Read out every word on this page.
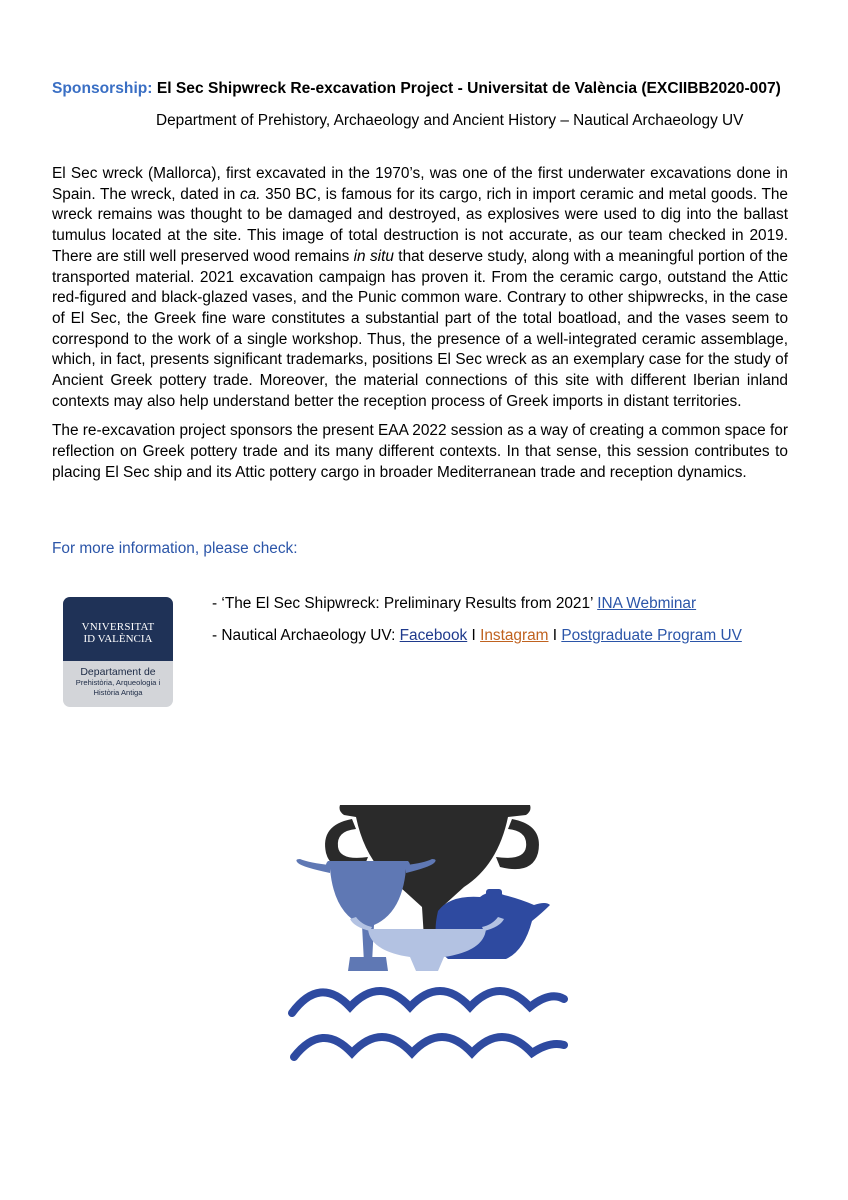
Sponsorship: El Sec Shipwreck Re-excavation Project - Universitat de València (EXCIIBB2020-007)
Department of Prehistory, Archaeology and Ancient History – Nautical Archaeology UV

El Sec wreck (Mallorca), first excavated in the 1970’s, was one of the first underwater excavations done in Spain. The wreck, dated in ca. 350 BC, is famous for its cargo, rich in import ceramic and metal goods. The wreck remains was thought to be damaged and destroyed, as explosives were used to dig into the ballast tumulus located at the site. This image of total destruction is not accurate, as our team checked in 2019. There are still well preserved wood remains in situ that deserve study, along with a meaningful portion of the transported material. 2021 excavation campaign has proven it. From the ceramic cargo, outstand the Attic red-figured and black-glazed vases, and the Punic common ware. Contrary to other shipwrecks, in the case of El Sec, the Greek fine ware constitutes a substantial part of the total boatload, and the vases seem to correspond to the work of a single workshop. Thus, the presence of a well-integrated ceramic assemblage, which, in fact, presents significant trademarks, positions El Sec wreck as an exemplary case for the study of Ancient Greek pottery trade. Moreover, the material connections of this site with different Iberian inland contexts may also help understand better the reception process of Greek imports in distant territories.

The re-excavation project sponsors the present EAA 2022 session as a way of creating a common space for reflection on Greek pottery trade and its many different contexts. In that sense, this session contributes to placing El Sec ship and its Attic pottery cargo in broader Mediterranean trade and reception dynamics.

For more information, please check:
VNIVERSITAT
ID VALÈNCIA
Departament de
Prehistòria, Arqueologia i
Història Antiga
- ‘The El Sec Shipwreck: Preliminary Results from 2021’ INA Webminar
- Nautical Archaeology UV: Facebook I Instagram I Postgraduate Program UV
